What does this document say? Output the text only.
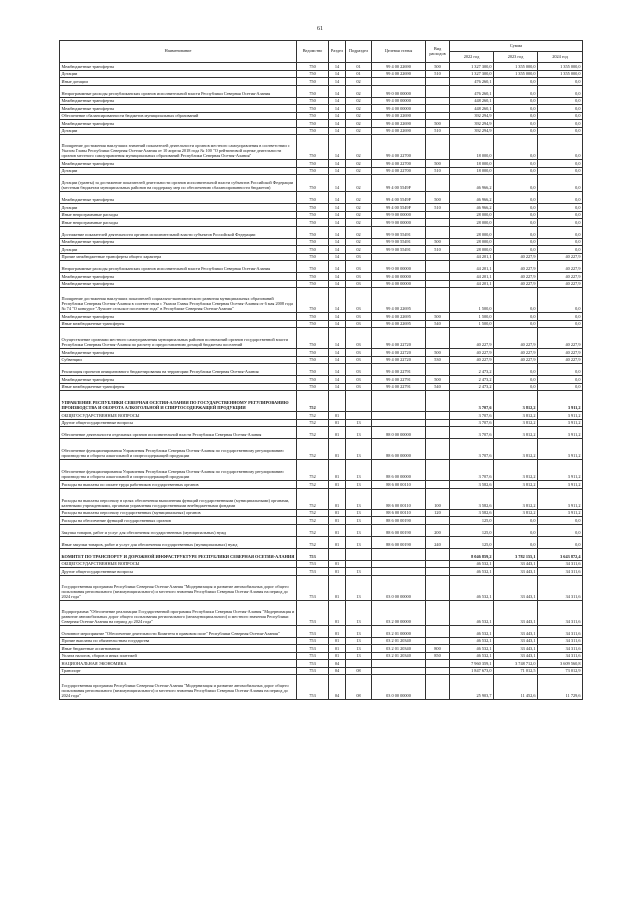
61
Наименование	Ведомство	Раздел	Подраздел	Целевая статья	Вид расходов	Сумма		
						2022 год	2023 год	2024 год
Межбюджетные трансферты	750	14	01	99 4 00 22690	500	1 327 300,0	1 355 000,0	1 355 000,0
Дотации	750	14	01	99 4 00 22690	510	1 327 300,0	1 355 000,0	1 355 000,0
Иные дотации	750	14	02			476 260,1	0,0	0,0
Непрограммные расходы республиканских органов исполнительной власти Республики Северная Осетия-Алания	750	14	02	99 0 00 00000		476 260,1	0,0	0,0
Межбюджетные трансферты	750	14	02	99 4 00 00000		448 260,1	0,0	0,0
Межбюджетные трансферты	750	14	02	99 4 00 00000		448 260,1	0,0	0,0
Обеспечение сбалансированности бюджетов муниципальных образований	750	14	02	99 4 00 22690		392 294,9	0,0	0,0
Межбюджетные трансферты	750	14	02	99 4 00 22690	500	392 294,9	0,0	0,0
Дотации	750	14	02	99 4 00 22690	510	392 294,9	0,0	0,0
Поощрение достижения наилучших значений показателей деятельности органов местного самоуправления в соответствии с Указом Главы Республики Северная Осетия-Алания от 10 апреля 2018 года № 100 "О рейтинговой оценке деятельности органов местного самоуправления муниципальных образований Республики Северная Осетия-Алания"	750	14	02	99 4 00 22700		18 000,0	0,0	0,0
Межбюджетные трансферты	750	14	02	99 4 00 22700	500	18 000,0	0,0	0,0
Дотации	750	14	02	99 4 00 22700	510	18 000,0	0,0	0,0
Дотации (гранты) за достижение показателей деятельности органов исполнительной власти субъектов Российской Федерации (местным бюджетам муниципальных районов на поддержку мер по обеспечению сбалансированности бюджетов)	750	14	02	99 4 00 5549F		46 966,2	0,0	0,0
Межбюджетные трансферты	750	14	02	99 4 00 5549F	500	46 966,2	0,0	0,0
Дотации	750	14	02	99 4 00 5549F	510	46 966,2	0,0	0,0
Иные непрограммные расходы	750	14	02	99 9 00 00000		28 000,0	0,0	0,0
Иные непрограммные расходы	750	14	02	99 9 00 00000		28 000,0	0,0	0,0
Достижение показателей деятельности органов исполнительной власти субъектов Российской Федерации	750	14	02	99 9 00 55491		28 000,0	0,0	0,0
Межбюджетные трансферты	750	14	02	99 9 00 55491	500	28 000,0	0,0	0,0
Дотации	750	14	02	99 9 00 55491	510	28 000,0	0,0	0,0
Прочие межбюджетные трансферты общего характера	750	14	03			44 201,1	40 227,9	40 227,9
Непрограммные расходы республиканских органов исполнительной власти Республики Северная Осетия-Алания	750	14	03	99 0 00 00000		44 201,1	40 227,9	40 227,9
Межбюджетные трансферты	750	14	03	99 4 00 00000		44 201,1	40 227,9	40 227,9
Межбюджетные трансферты	750	14	03	99 4 00 00000		44 201,1	40 227,9	40 227,9
Поощрение достижения наилучших показателей социально-экономического развития муниципальных образований Республики Северная Осетия-Алания в соответствии с Указом Главы Республики Северная Осетия-Алания от 6 мая 2008 года № 74 "О конкурсе "Лучшее сельское поселение года" в Республике Северная Осетия-Алания"	750	14	03	99 4 00 22695		1 500,0	0,0	0,0
Межбюджетные трансферты	750	14	03	99 4 00 22695	500	1 500,0	0,0	0,0
Иные межбюджетные трансферты	750	14	03	99 4 00 22695	540	1 500,0	0,0	0,0
Осуществление органами местного самоуправления муниципальных районов полномочий органов государственной власти Республики Северная Осетия-Алания по расчету и предоставлению дотаций бюджетам поселений	750	14	03	99 4 00 22720		40 227,9	40 227,9	40 227,9
Межбюджетные трансферты	750	14	03	99 4 00 22720	500	40 227,9	40 227,9	40 227,9
Субвенции	750	14	03	99 4 00 22720	530	40 227,9	40 227,9	40 227,9
Реализация проектов инициативного бюджетирования на территории Республики Северная Осетия-Алания	750	14	03	99 4 00 22791		2 473,2	0,0	0,0
Межбюджетные трансферты	750	14	03	99 4 00 22791	500	2 473,2	0,0	0,0
Иные межбюджетные трансферты	750	14	03	99 4 00 22791	540	2 473,2	0,0	0,0
УПРАВЛЕНИЕ РЕСПУБЛИКИ СЕВЕРНАЯ ОСЕТИЯ-АЛАНИЯ ПО ГОСУДАРСТВЕННОМУ РЕГУЛИРОВАНИЮ ПРОИЗВОДСТВА И ОБОРОТА АЛКОГОЛЬНОЙ И СПИРТОСОДЕРЖАЩЕЙ ПРОДУКЦИИ	752					3 707,6	3 812,2	3 911,2
ОБЩЕГОСУДАРСТВЕННЫЕ ВОПРОСЫ	752	01				3 707,6	3 812,2	3 911,2
Другие общегосударственные вопросы	752	01	13			3 707,6	3 812,2	3 911,2
Обеспечение деятельности отдельных органов исполнительной власти Республики Северная Осетия-Алания	752	01	13	88 0 00 00000		3 707,6	3 812,2	3 911,2
Обеспечение функционирования Управления Республики Северная Осетия-Алания по государственному регулированию производства и оборота алкогольной и спиртосодержащей продукции	752	01	13	88 6 00 00000		3 707,6	3 812,2	3 911,2
Обеспечение функционирования Управления Республики Северная Осетия-Алания по государственному регулированию производства и оборота алкогольной и спиртосодержащей продукции	752	01	13	88 6 00 00000		3 707,6	3 812,2	3 911,2
Расходы на выплаты по оплате труда работников государственных органов	752	01	13	88 6 00 00110		3 582,6	3 812,2	3 911,2
Расходы на выплаты персоналу в целях обеспечения выполнения функций государственными (муниципальными) органами, казенными учреждениями, органами управления государственными внебюджетными фондами	752	01	13	88 6 00 00110	100	3 582,6	3 812,2	3 911,2
Расходы на выплаты персоналу государственных (муниципальных) органов	752	01	13	88 6 00 00110	120	3 582,6	3 812,2	3 911,2
Расходы на обеспечение функций государственных органов	752	01	13	88 6 00 00190		125,0	0,0	0,0
Закупка товаров, работ и услуг для обеспечения государственных (муниципальных) нужд	752	01	13	88 6 00 00190	200	125,0	0,0	0,0
Иные закупки товаров, работ и услуг для обеспечения государственных (муниципальных) нужд	752	01	13	88 6 00 00190	240	125,0	0,0	0,0
КОМИТЕТ ПО ТРАНСПОРТУ И ДОРОЖНОЙ ИНФРАСТРУКТУРЕ РЕСПУБЛИКИ СЕВЕРНАЯ ОСЕТИЯ-АЛАНИЯ	753					8 046 859,2	3 782 155,1	3 643 872,4
ОБЩЕГОСУДАРСТВЕННЫЕ ВОПРОСЫ	753	01				46 532,1	33 443,1	34 311,6
Другие общегосударственные вопросы	753	01	13			46 532,1	33 443,1	34 311,6
Государственная программа Республики Северная Осетия-Алания "Модернизация и развитие автомобильных дорог общего пользования регионального (межмуниципального) и местного значения Республики Северная Осетия-Алания на период до 2024 года"	753	01	13	03 0 00 00000		46 532,1	33 443,1	34 311,6
Подпрограмма "Обеспечение реализации Государственной программы Республики Северная Осетия-Алания "Модернизация и развитие автомобильных дорог общего пользования регионального (межмуниципального) и местного значения Республики Северная Осетия-Алания на период до 2024 года"	753	01	13	03 2 00 00000		46 532,1	33 443,1	34 311,6
Основное мероприятие "Обеспечение деятельности Комитета в правовом поле" Республики Северная Осетия-Алания"	753	01	13	03 2 01 00000		46 532,1	33 443,1	34 311,6
Прочие выплаты по обязательствам государства	753	01	13	03 2 01 20340		46 532,1	33 443,1	34 311,6
Иные бюджетные ассигнования	753	01	13	03 2 01 20340	800	46 532,1	33 443,1	34 311,6
Уплата налогов, сборов и иных платежей	753	01	13	03 2 01 20340	850	46 532,1	33 443,1	34 311,6
НАЦИОНАЛЬНАЯ ЭКОНОМИКА	753	04				7 960 359,1	3 748 712,0	3 609 560,8
Транспорт	753	04	08			1 847 673,0	71 012,5	73 012,9
Государственная программа Республики Северная Осетия-Алания "Модернизация и развитие автомобильных дорог общего пользования регионального (межмуниципального) и местного значения Республики Северная Осетия-Алания на период до 2024 года"	753	04	08	03 0 00 00000		25 903,7	11 452,6	11 729,6
